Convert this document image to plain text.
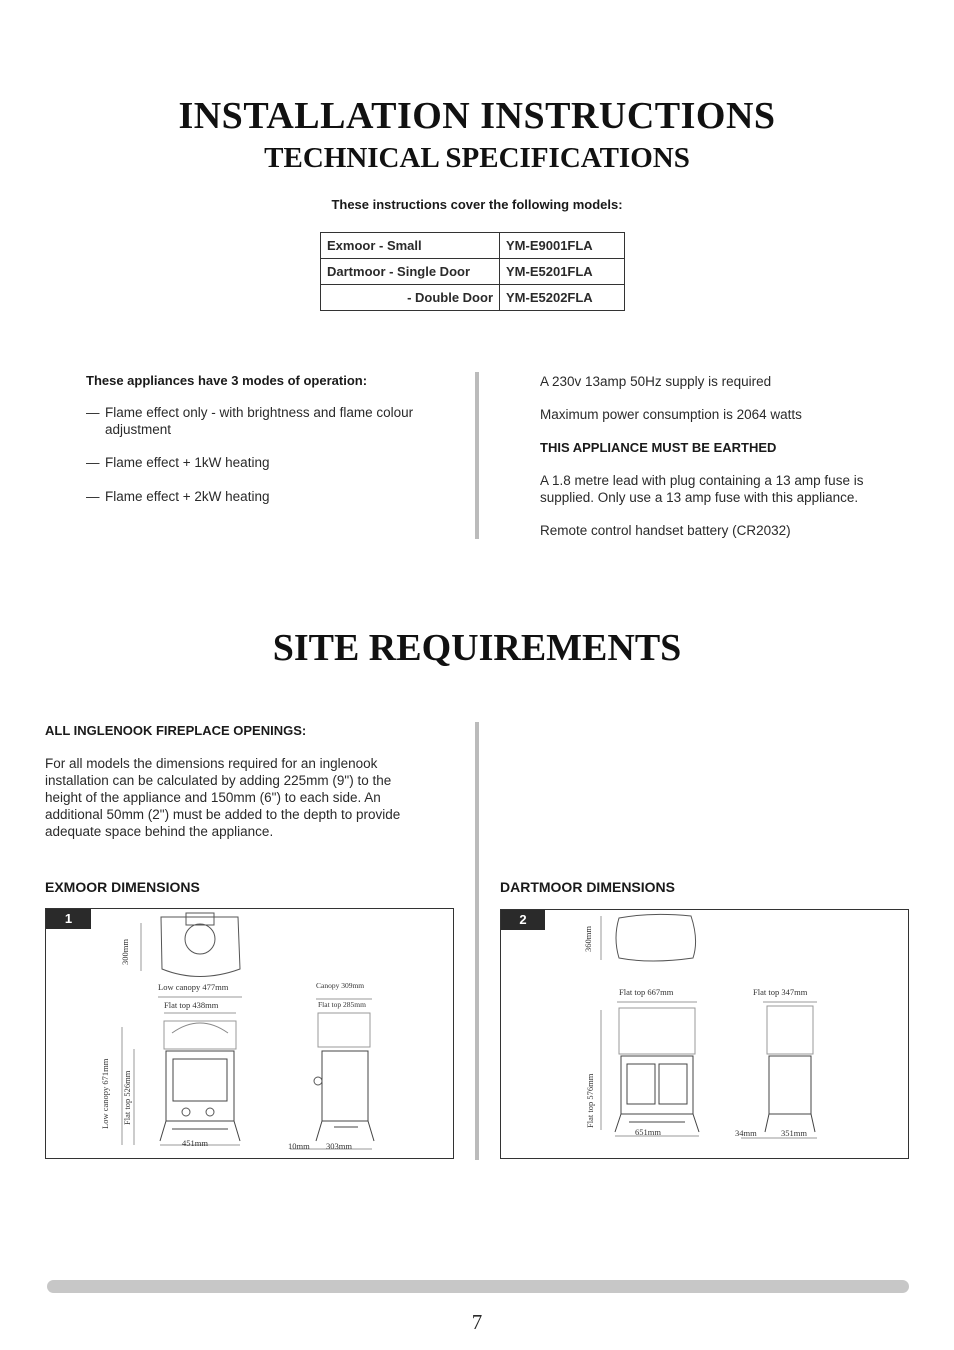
INSTALLATION INSTRUCTIONS
TECHNICAL SPECIFICATIONS
These instructions cover the following models:
Exmoor - Small	YM-E9001FLA
Dartmoor - Single Door	YM-E5201FLA
- Double Door	YM-E5202FLA
These appliances have 3 modes of operation:
— Flame effect only - with brightness and flame colour adjustment
— Flame effect + 1kW heating
— Flame effect + 2kW heating
A 230v 13amp 50Hz supply is required
Maximum power consumption is 2064 watts
THIS APPLIANCE MUST BE EARTHED
A 1.8 metre lead with plug containing a 13 amp fuse is supplied. Only use a 13 amp fuse with this appliance.
Remote control handset battery (CR2032)
SITE REQUIREMENTS
ALL INGLENOOK FIREPLACE OPENINGS:
For all models the dimensions required for an inglenook installation can be calculated by adding 225mm (9") to the height of the appliance and 150mm (6") to each side. An additional 50mm (2") must be added to the depth to provide adequate space behind the appliance.
EXMOOR DIMENSIONS	DARTMOOR DIMENSIONS
1
300mm
Low canopy 477mm
Flat top 438mm
Canopy 309mm
Flat top 285mm
Low canopy 671mm Flat top 526mm
451mm	10mm 303mm
2
360mm
Flat top 667mm	Flat top 347mm
Flat top 576mm
651mm	34mm	351mm
7
